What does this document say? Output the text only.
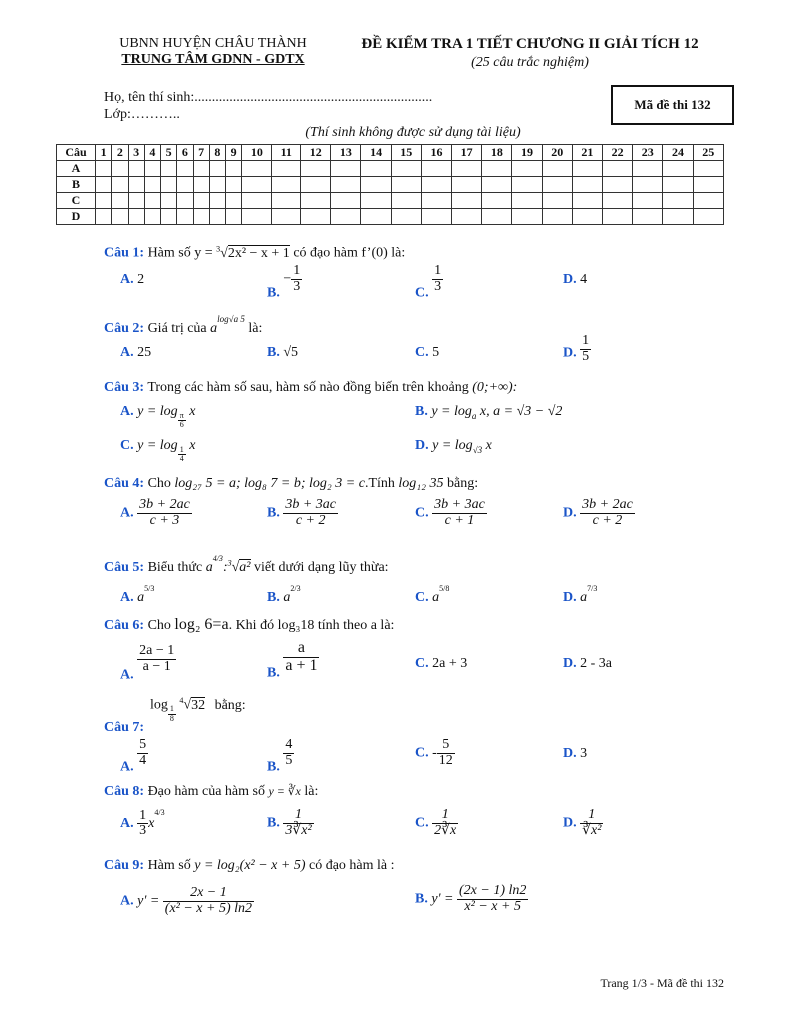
UBNN HUYỆN CHÂU THÀNH
TRUNG TÂM GDNN - GDTX
ĐỀ KIỂM TRA 1 TIẾT CHƯƠNG II GIẢI TÍCH 12
(25 câu trắc nghiệm)
Họ, tên thí sinh:....................................................................
Lớp:………..
Mã đề thi 132
(Thí sinh không được sử dụng tài liệu)
Câu	1	2	3	4	5	6	7	8	9	10	11	12	13	14	15	16	17	18	19	20	21	22	23	24	25
A																									
B																									
C																									
D																									
Câu 1: Hàm số y = $^3$√2x² − x + 1 có đạo hàm f’(0) là:
A. 2
B. − $\frac{1}{3}$	C. $\frac{1}{3}$	D. 4
Câu 2: Giá trị của $a^{log√a 5}$ là:
A. 25	B. √5	C. 5	D. $\frac{1}{5}$
Câu 3: Trong các hàm số sau, hàm số nào đồng biến trên khoảng (0;+∞):
A. y = log
$\frac{\pi}{6}$
x	B. $y = \log_a x$, a = √3 − √2
C. y = log
$\frac{1}{4}$
x	D. $y = \log_{√3} x$
Câu 4: Cho log₂₇ 5 = a; log₈ 7 = b; log₂ 3 = c.Tính log₁₂ 35 bằng:
A. $\frac{3b + 2ac}{c + 3}$	B. $\frac{3b + 3ac}{c + 2}$	C. $\frac{3b + 3ac}{c + 1}$	D. $\frac{3b + 2ac}{c + 2}$
Câu 5: Biểu thức $a^{4/3}:^3√a^2$ viết dưới dạng lũy thừa:
A. $a^{5/3}$
B. $a^{2/3}$
C. $a^{5/8}$
D. $a^{7/3}$
Câu 6: Cho log₂ 6=a. Khi đó log₃18 tính theo a là:
A.
$\frac{2a - 1}{a - 1}$	B. $\frac{a}{a + 1}$	C. 2a + 3	D. 2 - 3a
log
$\frac{1}{8}$
$^4$√32 bằng:
Câu 7:
A. $\frac{5}{4}$	B. $\frac{4}{5}$	C. - $\frac{5}{12}$	D. 3
Câu 8: Đạo hàm của hàm số y = ∛x là:
A. $\frac{1}{3} x^{4/3}$
B. $\frac{1}{\text{3∛x²}}$	C. $\frac{1}{2∛x}$	D. $\frac{1}{\text{∛x²}}$
Câu 9: Hàm số y = log₂(x² − x + 5) có đạo hàm là :
A. $y' = \frac{2x - 1}{\text{(x² − x + 5) ln2}}$	B. $y' = \frac{(2x - 1) \ln 2}{\text{x² − x + 5}}$
Trang 1/3 - Mã đề thi 132
